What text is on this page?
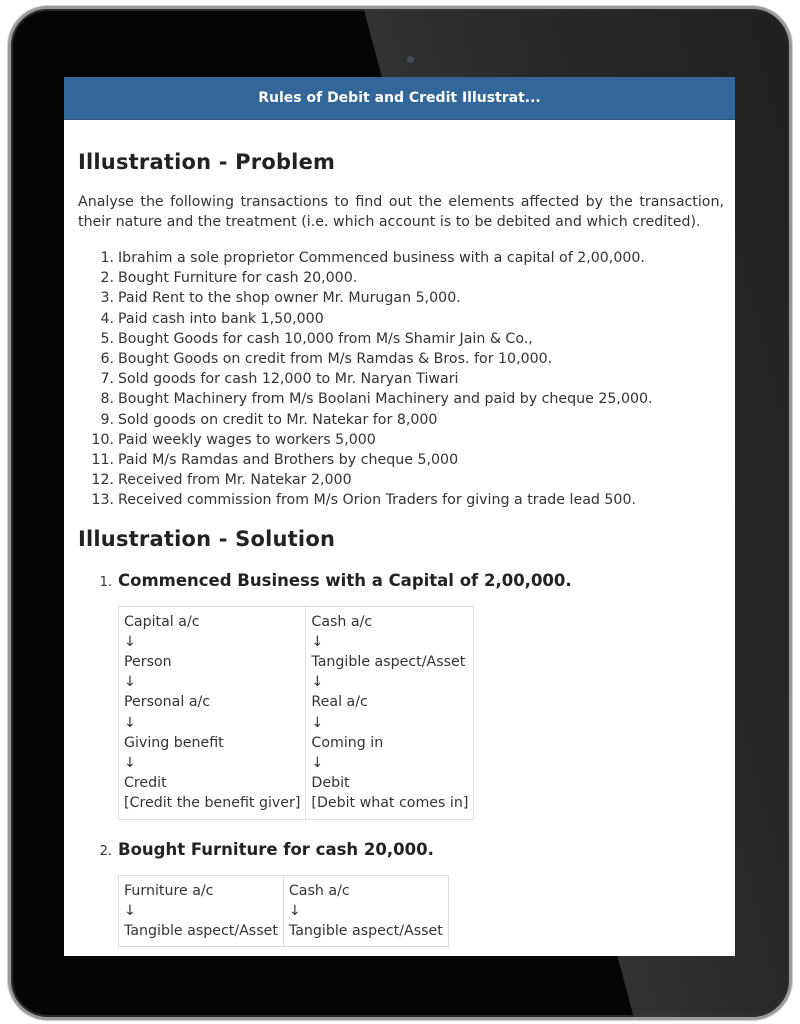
Rules of Debit and Credit Illustrat...
Illustration - Problem

Analyse the following transactions to find out the elements affected by the transaction, their nature and the treatment (i.e. which account is to be debited and which credited).

1. Ibrahim a sole proprietor Commenced business with a capital of 2,00,000.
2. Bought Furniture for cash 20,000.
3. Paid Rent to the shop owner Mr. Murugan 5,000.
4. Paid cash into bank 1,50,000
5. Bought Goods for cash 10,000 from M/s Shamir Jain & Co.,
6. Bought Goods on credit from M/s Ramdas & Bros. for 10,000.
7. Sold goods for cash 12,000 to Mr. Naryan Tiwari
8. Bought Machinery from M/s Boolani Machinery and paid by cheque 25,000.
9. Sold goods on credit to Mr. Natekar for 8,000
10. Paid weekly wages to workers 5,000
11. Paid M/s Ramdas and Brothers by cheque 5,000
12. Received from Mr. Natekar 2,000
13. Received commission from M/s Orion Traders for giving a trade lead 500.
Illustration - Solution
1. Commenced Business with a Capital of 2,00,000.
Capital a/c
↓
Person
↓
Personal a/c
↓
Giving benefit
↓
Credit
[Credit the benefit giver]

Cash a/c
↓
Tangible aspect/Asset
↓
Real a/c
↓
Coming in
↓
Debit
[Debit what comes in]
2. Bought Furniture for cash 20,000.
Furniture a/c
↓
Tangible aspect/Asset

Cash a/c
↓
Tangible aspect/Asset
